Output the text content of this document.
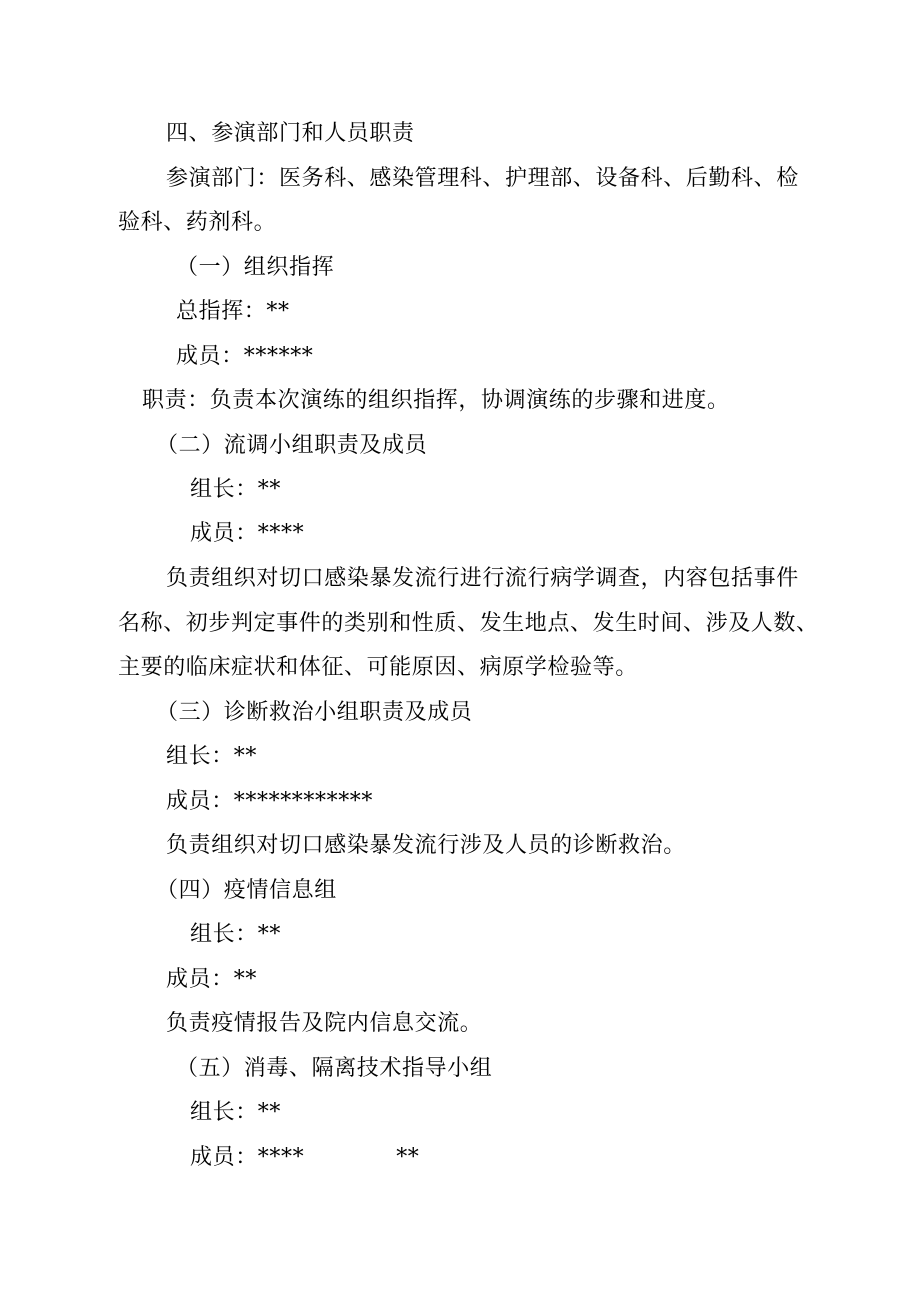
四、参演部门和人员职责
参演部门：医务科、感染管理科、护理部、设备科、后勤科、检
验科、药剂科。
（一）组织指挥
总指挥：**
成员：******
职责：负责本次演练的组织指挥，协调演练的步骤和进度。
（二）流调小组职责及成员
组长：**
成员：****
负责组织对切口感染暴发流行进行流行病学调查，内容包括事件
名称、初步判定事件的类别和性质、发生地点、发生时间、涉及人数、
主要的临床症状和体征、可能原因、病原学检验等。
（三）诊断救治小组职责及成员
组长：**
成员：************
负责组织对切口感染暴发流行涉及人员的诊断救治。
（四）疫情信息组
组长：**
成员：**
负责疫情报告及院内信息交流。
（五）消毒、隔离技术指导小组
组长：**
成员：****	**
